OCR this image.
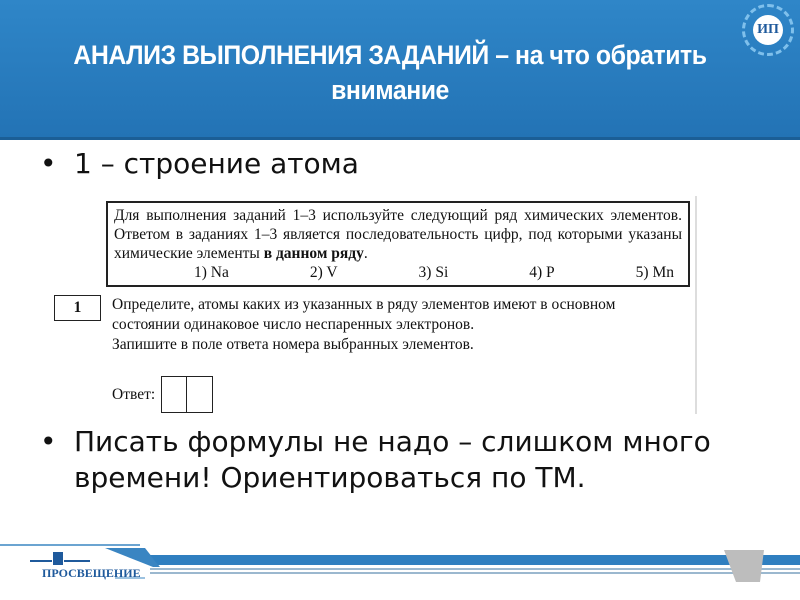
АНАЛИЗ ВЫПОЛНЕНИЯ ЗАДАНИЙ – на что обратить внимание
ИП
• 1 – строение атома
Для выполнения заданий 1–3 используйте следующий ряд химических элементов. Ответом в заданиях 1–3 является последовательность цифр, под которыми указаны химические элементы в данном ряду.
1) Na	2) V	3) Si	4) P	5) Mn
1	Определите, атомы каких из указанных в ряду элементов имеют в основном
состоянии одинаковое число неспаренных электронов.
Запишите в поле ответа номера выбранных элементов.
Ответ:
• Писать формулы не надо – слишком много времени! Ориентироваться по ТМ.
ПРОСВЕЩЕНИЕ
